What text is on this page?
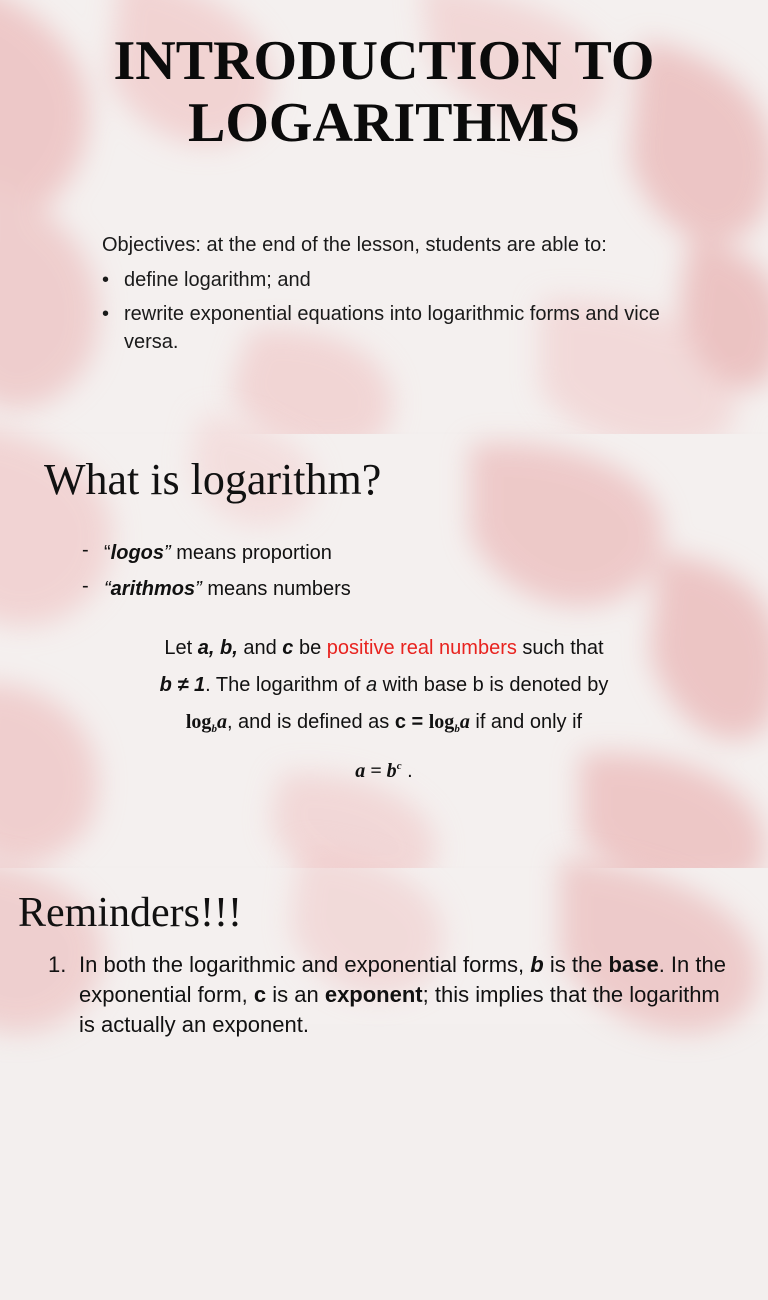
INTRODUCTION TO
LOGARITHMS
Objectives: at the end of the lesson, students are able to:
• define logarithm; and
• rewrite exponential equations into logarithmic forms and vice versa.
What is logarithm?
- “logos” means proportion
- “arithmos” means numbers
Let a, b, and c be positive real numbers such that
b ≠ 1. The logarithm of a with base b is denoted by
$\log_ba$, and is defined as $c = \log_ba$ if and only if
$a = b^c$ .
Reminders!!!
1. In both the logarithmic and exponential forms, b is the base. In the exponential form, c is an exponent; this implies that the logarithm is actually an exponent.
